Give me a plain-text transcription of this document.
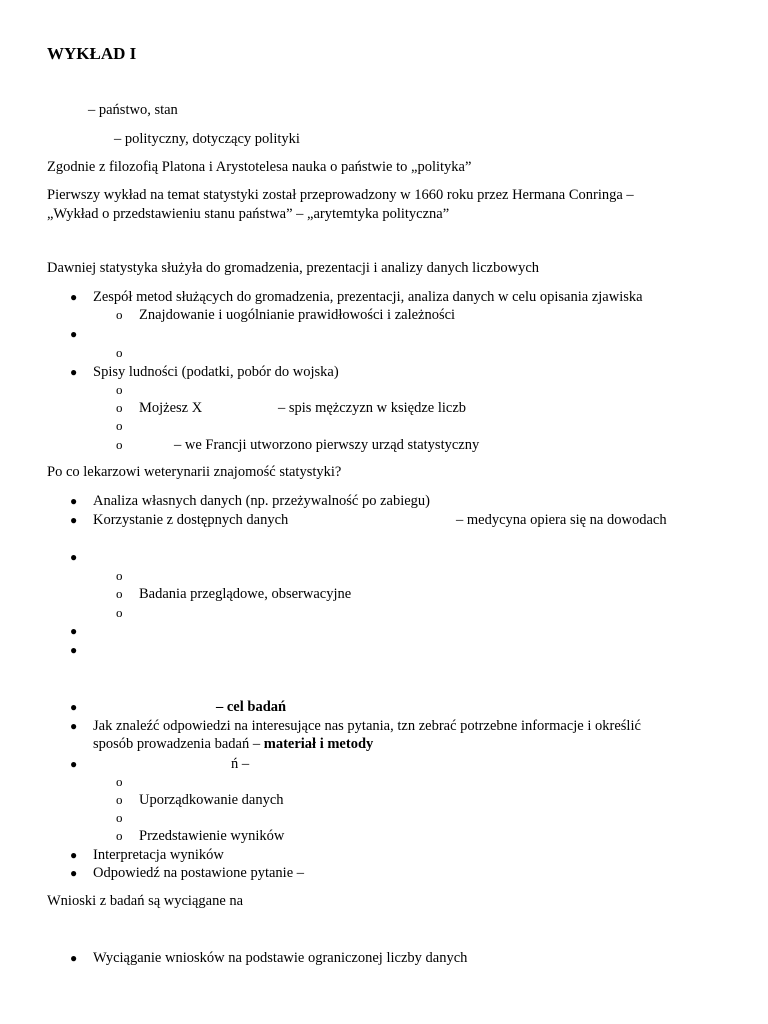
WYKŁAD I
– państwo, stan
– polityczny, dotyczący polityki
Zgodnie z filozofią Platona i Arystotelesa nauka o państwie to „polityka”
Pierwszy wykład na temat statystyki został przeprowadzony w 1660 roku przez Hermana Conringa –
„Wykład o przedstawieniu stanu państwa” – „arytemtyka polityczna”
Dawniej statystyka służyła do gromadzenia, prezentacji i analizy danych liczbowych
● Zespół metod służących do gromadzenia, prezentacji, analiza danych w celu opisania zjawiska
o Znajdowanie i uogólnianie prawidłowości i zależności
●
o
● Spisy ludności (podatki, pobór do wojska)
o
o Mojżesz X	– spis mężczyzn w księdze liczb
o
o	– we Francji utworzono pierwszy urząd statystyczny
Po co lekarzowi weterynarii znajomość statystyki?
● Analiza własnych danych (np. przeżywalność po zabiegu)
● Korzystanie z dostępnych danych	– medycyna opiera się na dowodach
●
o
o Badania przeglądowe, obserwacyjne
o
●
●
●	– cel badań
● Jak znaleźć odpowiedzi na interesujące nas pytania, tzn zebrać potrzebne informacje i określić
sposób prowadzenia badań – materiał i metody
●	ń –
o
o Uporządkowanie danych
o
o Przedstawienie wyników
● Interpretacja wyników
● Odpowiedź na postawione pytanie –
Wnioski z badań są wyciągane na
● Wyciąganie wniosków na podstawie ograniczonej liczby danych
